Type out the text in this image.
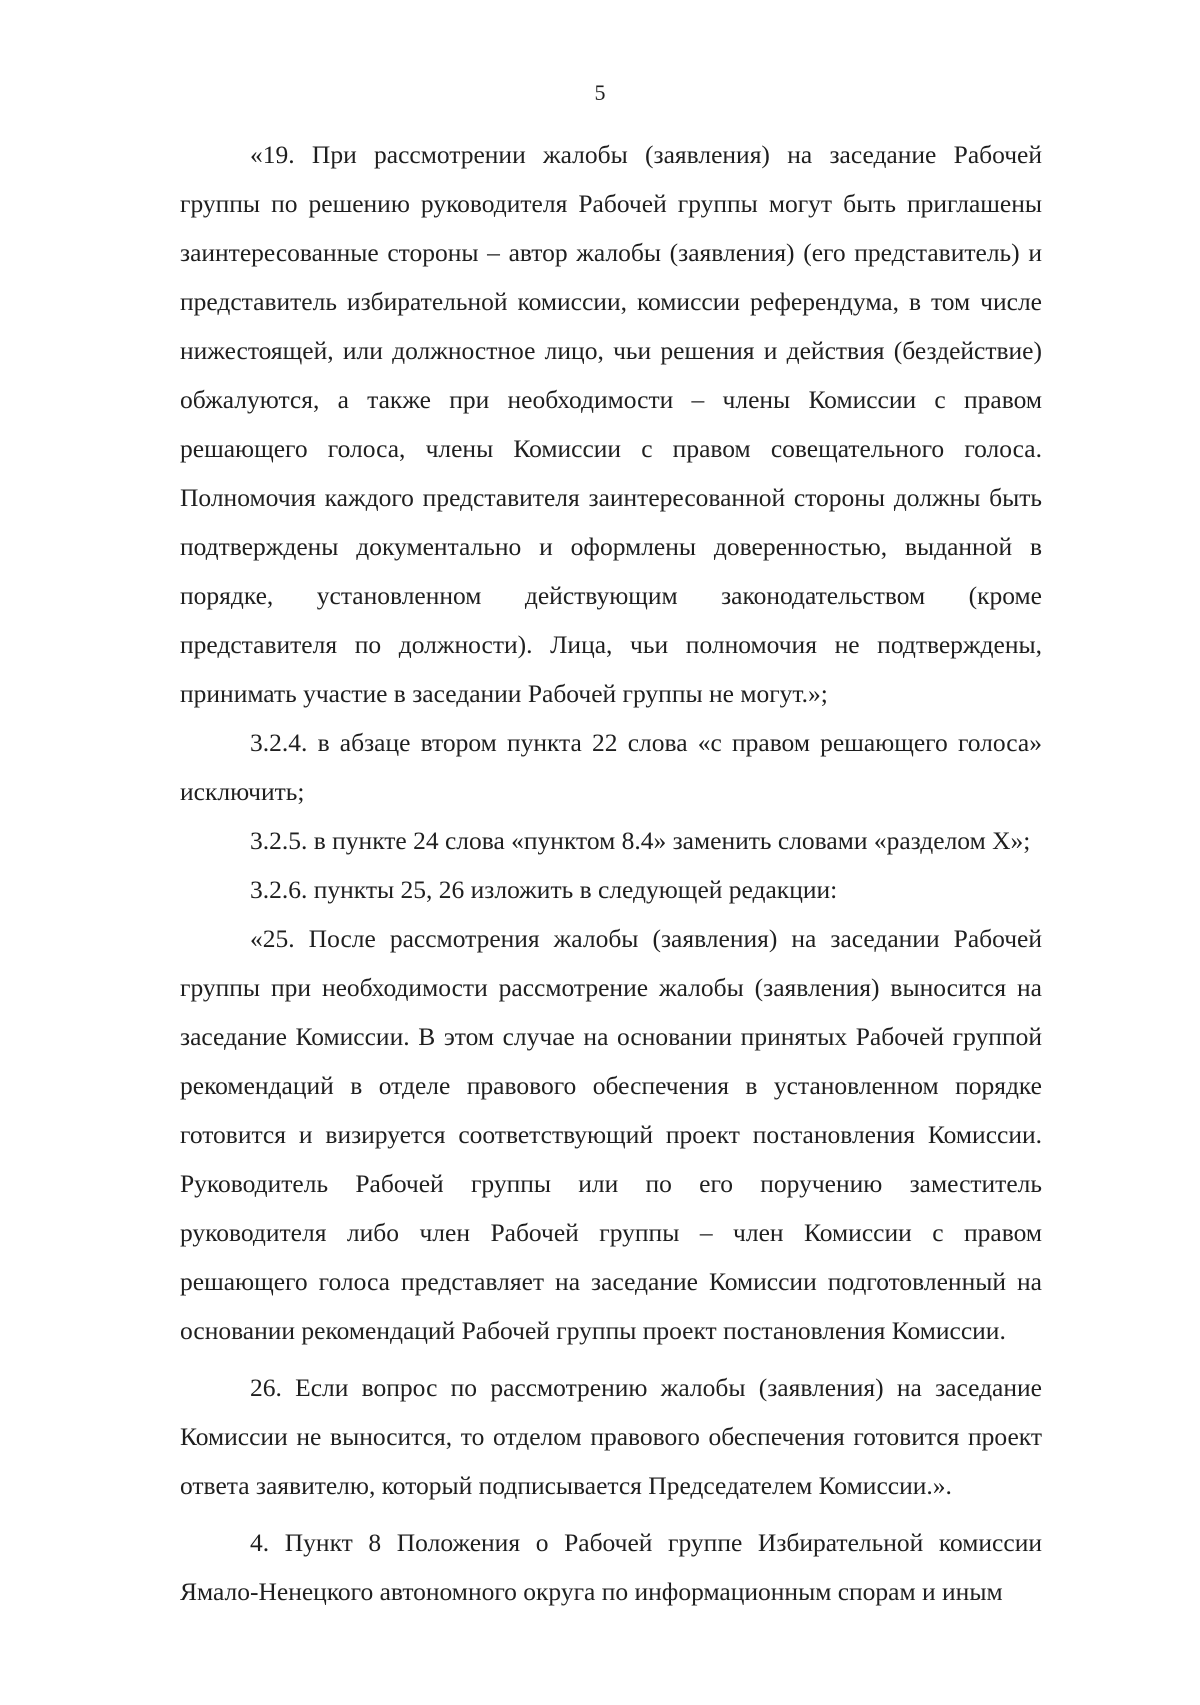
5

«19. При рассмотрении жалобы (заявления) на заседание Рабочей группы по решению руководителя Рабочей группы могут быть приглашены заинтересованные стороны – автор жалобы (заявления) (его представитель) и представитель избирательной комиссии, комиссии референдума, в том числе нижестоящей, или должностное лицо, чьи решения и действия (бездействие) обжалуются, а также при необходимости – члены Комиссии с правом решающего голоса, члены Комиссии с правом совещательного голоса. Полномочия каждого представителя заинтересованной стороны должны быть подтверждены документально и оформлены доверенностью, выданной в порядке, установленном действующим законодательством (кроме представителя по должности). Лица, чьи полномочия не подтверждены, принимать участие в заседании Рабочей группы не могут.»;

3.2.4. в абзаце втором пункта 22 слова «с правом решающего голоса» исключить;

3.2.5. в пункте 24 слова «пунктом 8.4» заменить словами «разделом Х»;

3.2.6. пункты 25, 26 изложить в следующей редакции:

«25. После рассмотрения жалобы (заявления) на заседании Рабочей группы при необходимости рассмотрение жалобы (заявления) выносится на заседание Комиссии. В этом случае на основании принятых Рабочей группой рекомендаций в отделе правового обеспечения в установленном порядке готовится и визируется соответствующий проект постановления Комиссии. Руководитель Рабочей группы или по его поручению заместитель руководителя либо член Рабочей группы – член Комиссии с правом решающего голоса представляет на заседание Комиссии подготовленный на основании рекомендаций Рабочей группы проект постановления Комиссии.

26. Если вопрос по рассмотрению жалобы (заявления) на заседание Комиссии не выносится, то отделом правового обеспечения готовится проект ответа заявителю, который подписывается Председателем Комиссии.».

4. Пункт 8 Положения о Рабочей группе Избирательной комиссии Ямало-Ненецкого автономного округа по информационным спорам и иным
